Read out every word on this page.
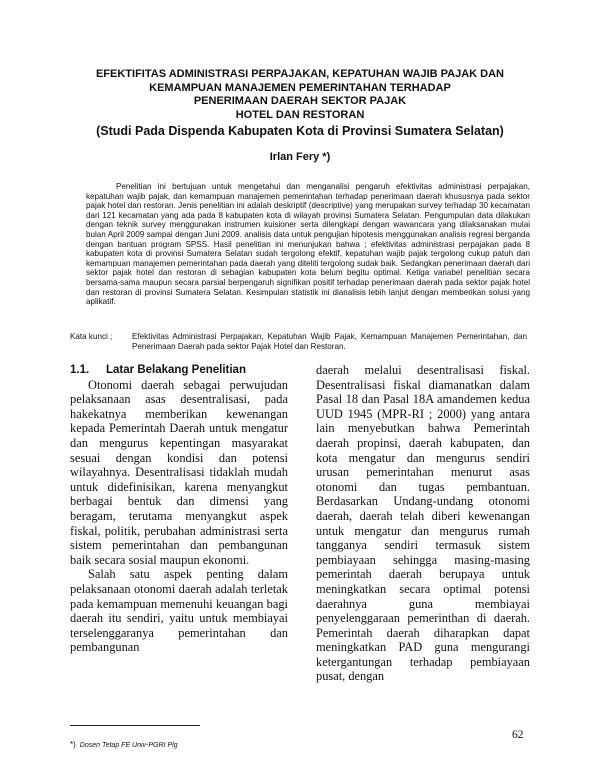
EFEKTIFITAS ADMINISTRASI PERPAJAKAN, KEPATUHAN WAJIB PAJAK DAN
KEMAMPUAN MANAJEMEN PEMERINTAHAN TERHADAP
PENERIMAAN DAERAH SEKTOR PAJAK
HOTEL DAN RESTORAN
(Studi Pada Dispenda Kabupaten Kota di Provinsi Sumatera Selatan)
Irlan Fery *)

Penelitian ini bertujuan untuk mengetahui dan menganalisi pengaruh efektivitas administrasi perpajakan, kepatuhan wajib pajak, dan kemampuan manajemen pemerintahan terhadap penerimaan daerah khususnya pada sektor pajak hotel dan restoran. Jenis penelitian ini adalah deskriptif (descriptive) yang merupakan survey terhadap 30 kecamatan dari 121 kecamatan yang ada pada 8 kabupaten kota di wilayah provinsi Sumatera Selatan. Pengumpulan data dilakukan dengan teknik survey menggunakan instrumen kuisioner serta dilengkapi dengan wawancara yang dilaksanakan mulai bulan April 2009 sampai dengan Juni 2009. analisis data untuk pengujian hipotesis menggunakan analisis regresi berganda dengan bantuan program SPSS. Hasil penelitian ini menunjukan bahwa ; efektivitas administrasi perpajakan pada 8 kabupaten kota di provinsi Sumatera Selatan sudah tergolong efektif, kepatuhan wajib pajak tergolong cukup patuh dan kemampuan manajemen pemerintahan pada daerah yang diteliti tergolong sudak baik. Sedangkan penerimaan daerah dari sektor pajak hotel dan restoran di sebagian kabupaten kota belum begitu optimal. Ketiga variabel penelitian secara bersama-sama maupun secara parsial berpengaruh signifikan positif terhadap penerimaan daerah pada sektor pajak hotel dan restoran di provinsi Sumatera Selatan. Kesimpulan statistik ini dianalisis lebih lanjut dengan memberikan solusi yang aplikatif.

Kata kunci ; Efektivitas Administrasi Perpajakan, Kepatuhan Wajib Pajak, Kemampuan Manajemen Pemerintahan, dan Penerimaan Daerah pada sektor Pajak Hotel dan Restoran.

1.1. Latar Belakang Penelitian

Otonomi daerah sebagai perwujudan pelaksanaan asas desentralisasi, pada hakekatnya memberikan kewenangan kepada Pemerintah Daerah untuk mengatur dan mengurus kepentingan masyarakat sesuai dengan kondisi dan potensi wilayahnya. Desentralisasi tidaklah mudah untuk didefinisikan, karena menyangkut berbagai bentuk dan dimensi yang beragam, terutama menyangkut aspek fiskal, politik, perubahan administrasi serta sistem pemerintahan dan pembangunan baik secara sosial maupun ekonomi.

Salah satu aspek penting dalam pelaksanaan otonomi daerah adalah terletak pada kemampuan memenuhi keuangan bagi daerah itu sendiri, yaitu untuk membiayai terselenggaranya pemerintahan dan pembangunan

daerah melalui desentralisasi fiskal. Desentralisasi fiskal diamanatkan dalam Pasal 18 dan Pasal 18A amandemen kedua UUD 1945 (MPR-RI ; 2000) yang antara lain menyebutkan bahwa Pemerintah daerah propinsi, daerah kabupaten, dan kota mengatur dan mengurus sendiri urusan pemerintahan menurut asas otonomi dan tugas pembantuan. Berdasarkan Undang-undang otonomi daerah, daerah telah diberi kewenangan untuk mengatur dan mengurus rumah tangganya sendiri termasuk sistem pembiayaan sehingga masing-masing pemerintah daerah berupaya untuk meningkatkan secara optimal potensi daerahnya guna membiayai penyelenggaraan pemerinthan di daerah. Pemerintah daerah diharapkan dapat meningkatkan PAD guna mengurangi ketergantungan terhadap pembiayaan pusat, dengan

*) Dosen Tetap FE Univ-PGRI Plg
62
